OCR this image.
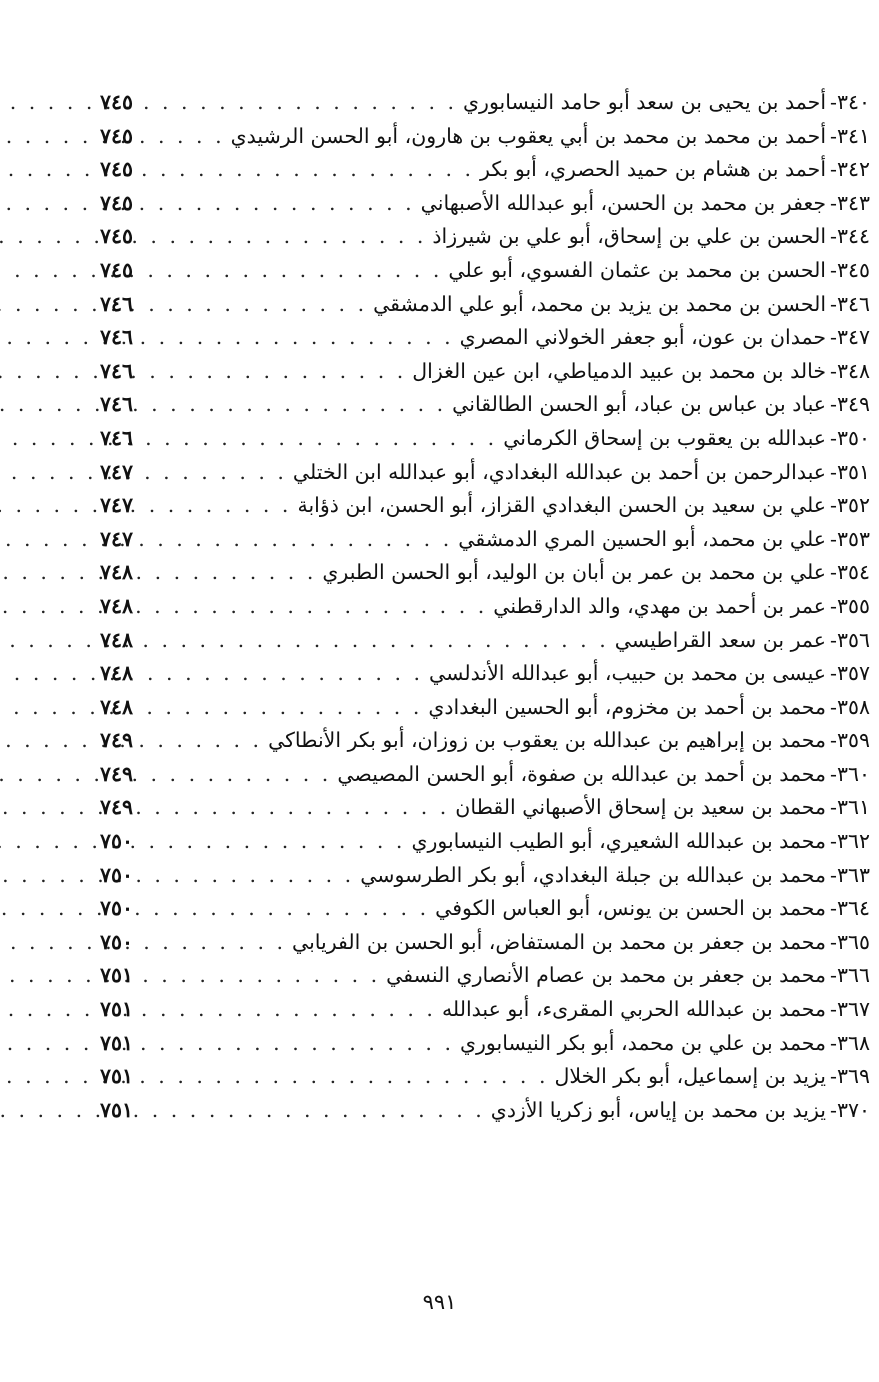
٣٤٠-
أحمد بن يحيى بن سعد أبو حامد النيسابوري
. . .
٧٤٥
٣٤١-
أحمد بن محمد بن محمد بن أبي يعقوب بن هارون، أبو الحسن الرشيدي
. . .
٧٤٥
٣٤٢-
أحمد بن هشام بن حميد الحصري، أبو بكر
. . .
٧٤٥
٣٤٣-
جعفر بن محمد بن الحسن، أبو عبدالله الأصبهاني
. . .
٧٤٥
٣٤٤-
الحسن بن علي بن إسحاق، أبو علي بن شيرزاذ
. . .
٧٤٥
٣٤٥-
الحسن بن محمد بن عثمان الفسوي، أبو علي
. . .
٧٤٥
٣٤٦-
الحسن بن محمد بن يزيد بن محمد، أبو علي الدمشقي
. . .
٧٤٦
٣٤٧-
حمدان بن عون، أبو جعفر الخولاني المصري
. . .
٧٤٦
٣٤٨-
خالد بن محمد بن عبيد الدمياطي، ابن عين الغزال
. . .
٧٤٦
٣٤٩-
عباد بن عباس بن عباد، أبو الحسن الطالقاني
. . .
٧٤٦
٣٥٠-
عبدالله بن يعقوب بن إسحاق الكرماني
. . .
٧٤٦
٣٥١-
عبدالرحمن بن أحمد بن عبدالله البغدادي، أبو عبدالله ابن الختلي
. . .
٧٤٧
٣٥٢-
علي بن سعيد بن الحسن البغدادي القزاز، أبو الحسن، ابن ذؤابة
. . .
٧٤٧
٣٥٣-
علي بن محمد، أبو الحسين المري الدمشقي
. . .
٧٤٧
٣٥٤-
علي بن محمد بن عمر بن أبان بن الوليد، أبو الحسن الطبري
. . .
٧٤٨
٣٥٥-
عمر بن أحمد بن مهدي، والد الدارقطني
. . .
٧٤٨
٣٥٦-
عمر بن سعد القراطيسي
. . .
٧٤٨
٣٥٧-
عيسى بن محمد بن حبيب، أبو عبدالله الأندلسي
. . .
٧٤٨
٣٥٨-
محمد بن أحمد بن مخزوم، أبو الحسين البغدادي
. . .
٧٤٨
٣٥٩-
محمد بن إبراهيم بن عبدالله بن يعقوب بن زوزان، أبو بكر الأنطاكي
. . .
٧٤٩
٣٦٠-
محمد بن أحمد بن عبدالله بن صفوة، أبو الحسن المصيصي
. . .
٧٤٩
٣٦١-
محمد بن سعيد بن إسحاق الأصبهاني القطان
. . .
٧٤٩
٣٦٢-
محمد بن عبدالله الشعيري، أبو الطيب النيسابوري
. . .
٧٥٠
٣٦٣-
محمد بن عبدالله بن جبلة البغدادي، أبو بكر الطرسوسي
. . .
٧٥٠
٣٦٤-
محمد بن الحسن بن يونس، أبو العباس الكوفي
. . .
٧٥٠
٣٦٥-
محمد بن جعفر بن محمد بن المستفاض، أبو الحسن بن الفريابي
. . .
٧٥٠
٣٦٦-
محمد بن جعفر بن محمد بن عصام الأنصاري النسفي
. . .
٧٥١
٣٦٧-
محمد بن عبدالله الحربي المقرىء، أبو عبدالله
. . .
٧٥١
٣٦٨-
محمد بن علي بن محمد، أبو بكر النيسابوري
. . .
٧٥١
٣٦٩-
يزيد بن إسماعيل، أبو بكر الخلال
. . .
٧٥١
٣٧٠-
يزيد بن محمد بن إياس، أبو زكريا الأزدي
. . .
٧٥١
٩٩١
